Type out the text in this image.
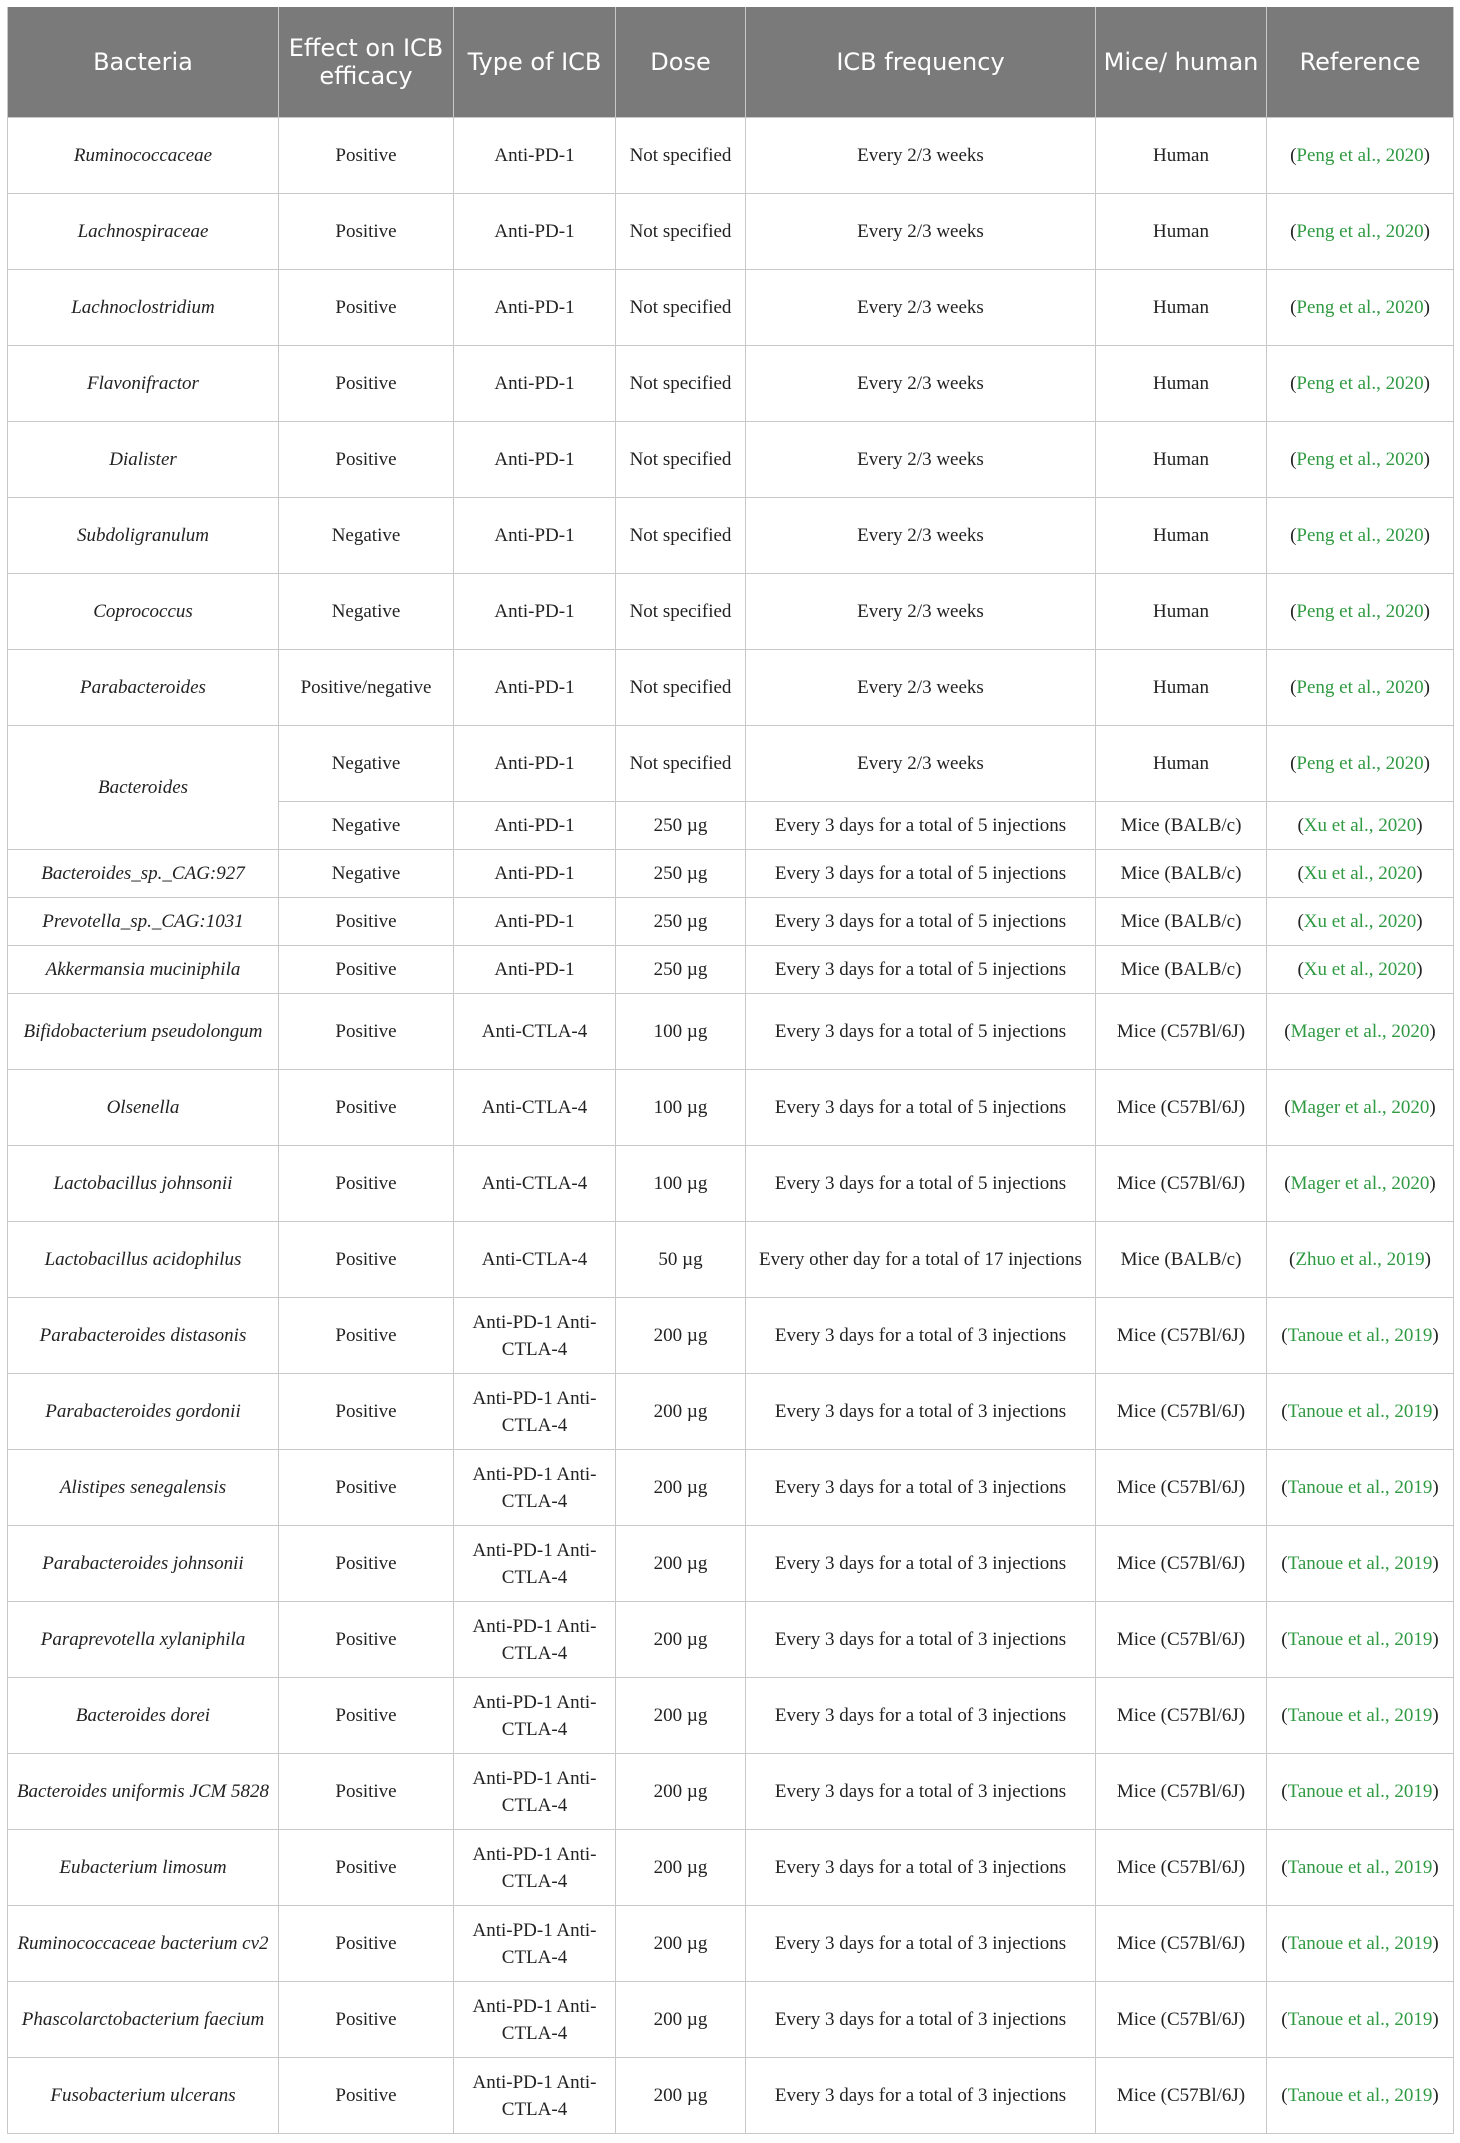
Bacteria	Effect on ICB efficacy	Type of ICB	Dose	ICB frequency	Mice/ human	Reference
Ruminococcaceae	Positive	Anti-PD-1	Not specified	Every 2/3 weeks	Human	(Peng et al., 2020)
Lachnospiraceae	Positive	Anti-PD-1	Not specified	Every 2/3 weeks	Human	(Peng et al., 2020)
Lachnoclostridium	Positive	Anti-PD-1	Not specified	Every 2/3 weeks	Human	(Peng et al., 2020)
Flavonifractor	Positive	Anti-PD-1	Not specified	Every 2/3 weeks	Human	(Peng et al., 2020)
Dialister	Positive	Anti-PD-1	Not specified	Every 2/3 weeks	Human	(Peng et al., 2020)
Subdoligranulum	Negative	Anti-PD-1	Not specified	Every 2/3 weeks	Human	(Peng et al., 2020)
Coprococcus	Negative	Anti-PD-1	Not specified	Every 2/3 weeks	Human	(Peng et al., 2020)
Parabacteroides	Positive/negative	Anti-PD-1	Not specified	Every 2/3 weeks	Human	(Peng et al., 2020)
Bacteroides	Negative	Anti-PD-1	Not specified	Every 2/3 weeks	Human	(Peng et al., 2020)
	Negative	Anti-PD-1	250 µg	Every 3 days for a total of 5 injections	Mice (BALB/c)	(Xu et al., 2020)
Bacteroides_sp._CAG:927	Negative	Anti-PD-1	250 µg	Every 3 days for a total of 5 injections	Mice (BALB/c)	(Xu et al., 2020)
Prevotella_sp._CAG:1031	Positive	Anti-PD-1	250 µg	Every 3 days for a total of 5 injections	Mice (BALB/c)	(Xu et al., 2020)
Akkermansia muciniphila	Positive	Anti-PD-1	250 µg	Every 3 days for a total of 5 injections	Mice (BALB/c)	(Xu et al., 2020)
Bifidobacterium pseudolongum	Positive	Anti-CTLA-4	100 µg	Every 3 days for a total of 5 injections	Mice (C57Bl/6J)	(Mager et al., 2020)
Olsenella	Positive	Anti-CTLA-4	100 µg	Every 3 days for a total of 5 injections	Mice (C57Bl/6J)	(Mager et al., 2020)
Lactobacillus johnsonii	Positive	Anti-CTLA-4	100 µg	Every 3 days for a total of 5 injections	Mice (C57Bl/6J)	(Mager et al., 2020)
Lactobacillus acidophilus	Positive	Anti-CTLA-4	50 µg	Every other day for a total of 17 injections	Mice (BALB/c)	(Zhuo et al., 2019)
Parabacteroides distasonis	Positive	Anti-PD-1 Anti-CTLA-4	200 µg	Every 3 days for a total of 3 injections	Mice (C57Bl/6J)	(Tanoue et al., 2019)
Parabacteroides gordonii	Positive	Anti-PD-1 Anti-CTLA-4	200 µg	Every 3 days for a total of 3 injections	Mice (C57Bl/6J)	(Tanoue et al., 2019)
Alistipes senegalensis	Positive	Anti-PD-1 Anti-CTLA-4	200 µg	Every 3 days for a total of 3 injections	Mice (C57Bl/6J)	(Tanoue et al., 2019)
Parabacteroides johnsonii	Positive	Anti-PD-1 Anti-CTLA-4	200 µg	Every 3 days for a total of 3 injections	Mice (C57Bl/6J)	(Tanoue et al., 2019)
Paraprevotella xylaniphila	Positive	Anti-PD-1 Anti-CTLA-4	200 µg	Every 3 days for a total of 3 injections	Mice (C57Bl/6J)	(Tanoue et al., 2019)
Bacteroides dorei	Positive	Anti-PD-1 Anti-CTLA-4	200 µg	Every 3 days for a total of 3 injections	Mice (C57Bl/6J)	(Tanoue et al., 2019)
Bacteroides uniformis JCM 5828	Positive	Anti-PD-1 Anti-CTLA-4	200 µg	Every 3 days for a total of 3 injections	Mice (C57Bl/6J)	(Tanoue et al., 2019)
Eubacterium limosum	Positive	Anti-PD-1 Anti-CTLA-4	200 µg	Every 3 days for a total of 3 injections	Mice (C57Bl/6J)	(Tanoue et al., 2019)
Ruminococcaceae bacterium cv2	Positive	Anti-PD-1 Anti-CTLA-4	200 µg	Every 3 days for a total of 3 injections	Mice (C57Bl/6J)	(Tanoue et al., 2019)
Phascolarctobacterium faecium	Positive	Anti-PD-1 Anti-CTLA-4	200 µg	Every 3 days for a total of 3 injections	Mice (C57Bl/6J)	(Tanoue et al., 2019)
Fusobacterium ulcerans	Positive	Anti-PD-1 Anti-CTLA-4	200 µg	Every 3 days for a total of 3 injections	Mice (C57Bl/6J)	(Tanoue et al., 2019)
